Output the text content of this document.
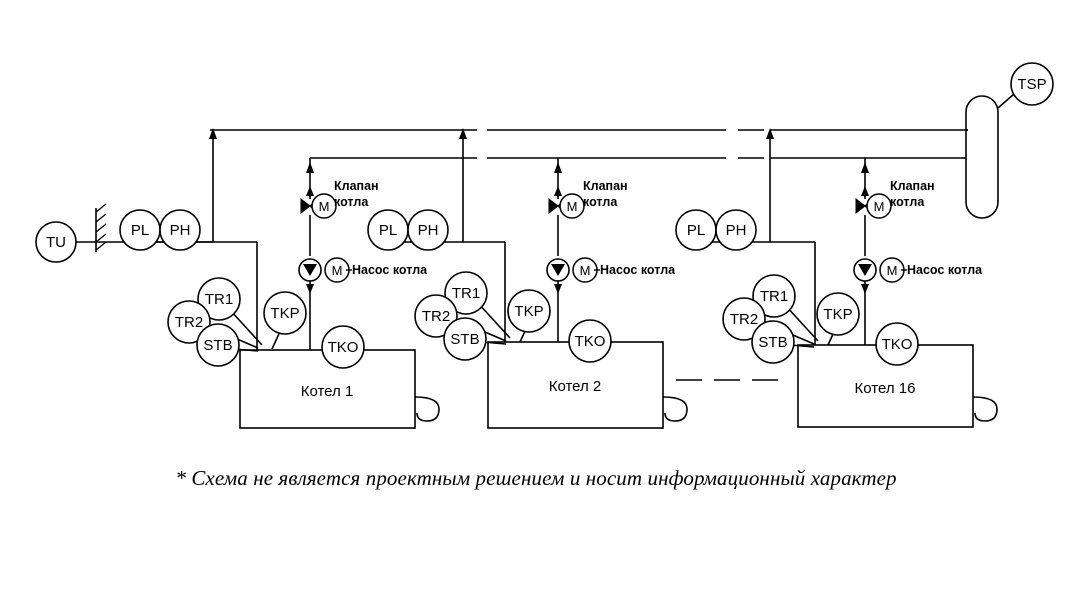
TU
TSP
PL PH
TR1
TR2
STB
TKP
TKO
M
M
PL PH
TR1
TR2
STB
TKP
TKO
M
M
PL PH
TR1
TR2
STB
TKP
TKO
M
M
Клапан
котла
Клапан
котла
Клапан
котла
Насос котла	Насос котла	Насос котла
Котел 1	Котел 2	Котел 16
* Схема не является проектным решением и носит информационный характер
